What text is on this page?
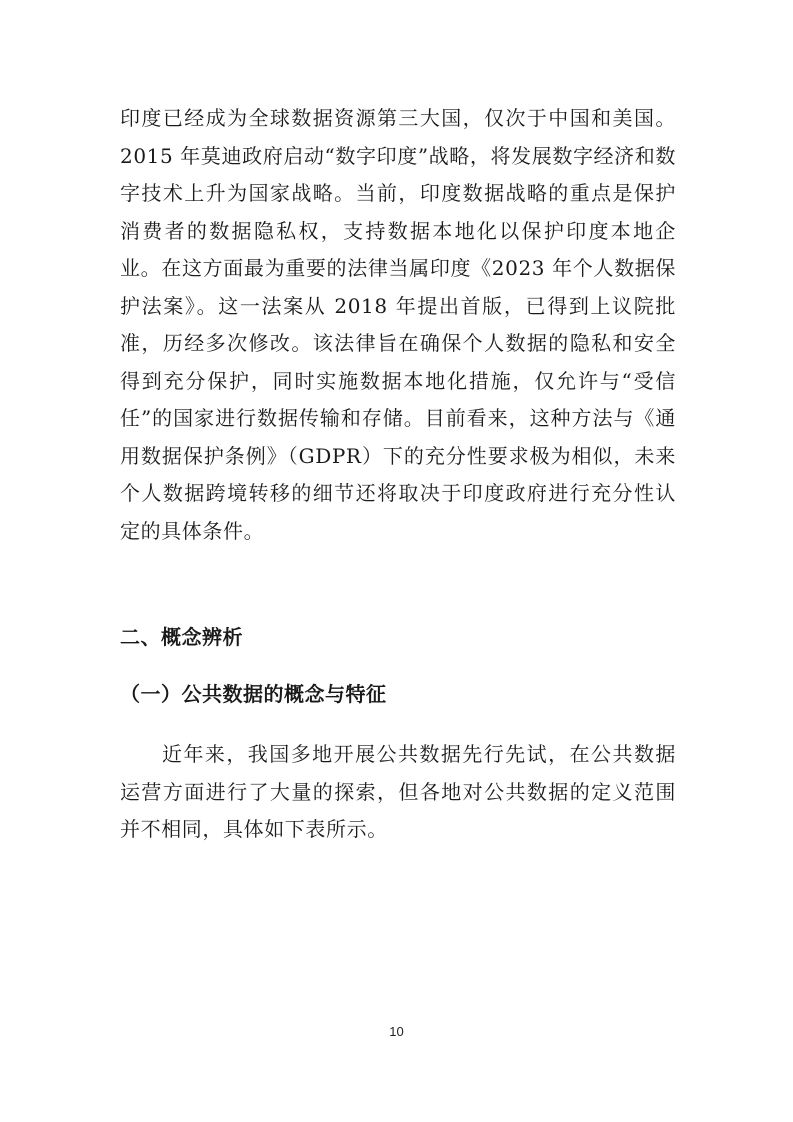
印度已经成为全球数据资源第三大国，仅次于中国和美国。2015 年莫迪政府启动“数字印度”战略，将发展数字经济和数字技术上升为国家战略。当前，印度数据战略的重点是保护消费者的数据隐私权，支持数据本地化以保护印度本地企业。在这方面最为重要的法律当属印度《2023 年个人数据保护法案》。这一法案从 2018 年提出首版，已得到上议院批准，历经多次修改。该法律旨在确保个人数据的隐私和安全得到充分保护，同时实施数据本地化措施，仅允许与“受信任”的国家进行数据传输和存储。目前看来，这种方法与《通用数据保护条例》（GDPR）下的充分性要求极为相似，未来个人数据跨境转移的细节还将取决于印度政府进行充分性认定的具体条件。

二、概念辨析
（一）公共数据的概念与特征

近年来，我国多地开展公共数据先行先试，在公共数据运营方面进行了大量的探索，但各地对公共数据的定义范围并不相同，具体如下表所示。

10
